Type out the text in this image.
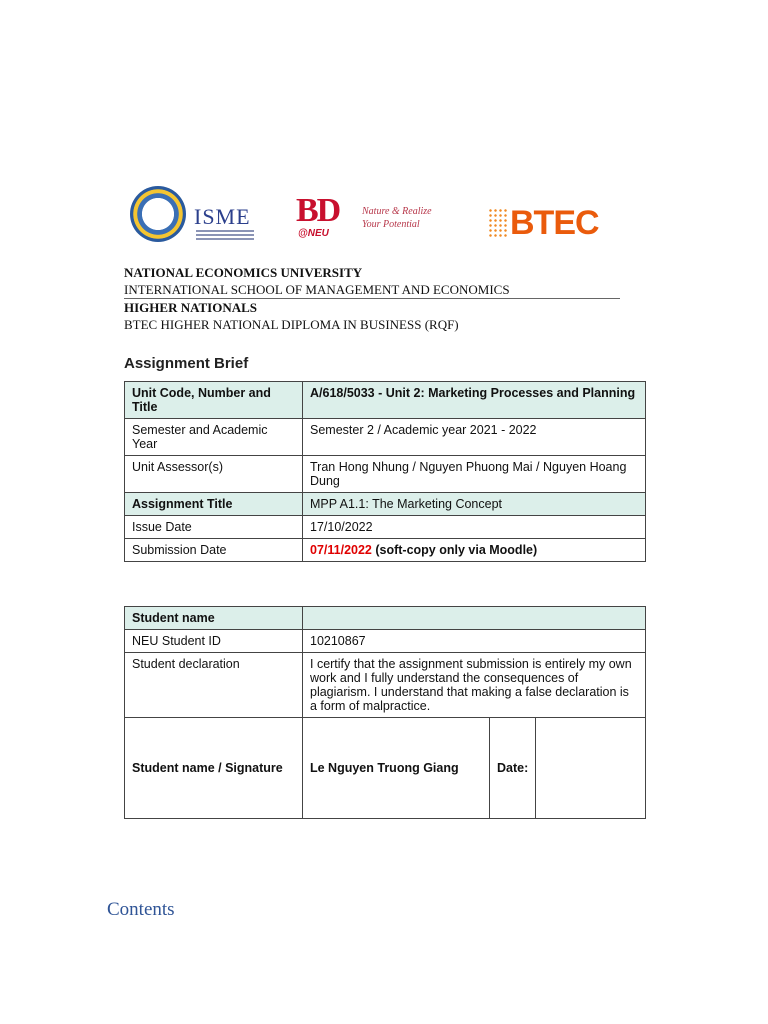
ISME BD
@NEU
Nature & Realize
Your Potential	BTEC
NATIONAL ECONOMICS UNIVERSITY
INTERNATIONAL SCHOOL OF MANAGEMENT AND ECONOMICS
HIGHER NATIONALS
BTEC HIGHER NATIONAL DIPLOMA IN BUSINESS (RQF)
Assignment Brief
Unit Code, Number and Title	A/618/5033 - Unit 2: Marketing Processes and Planning
Semester and Academic Year	Semester 2 / Academic year 2021 - 2022
Unit Assessor(s)	Tran Hong Nhung / Nguyen Phuong Mai / Nguyen Hoang Dung
Assignment Title	MPP A1.1: The Marketing Concept
Issue Date	17/10/2022
Submission Date	07/11/2022 (soft-copy only via Moodle)
Student name			
NEU Student ID	10210867		
Student declaration	I certify that the assignment submission is entirely my own work and I fully understand the consequences of plagiarism. I understand that making a false declaration is a form of malpractice.		
Student name / Signature	Le Nguyen Truong Giang	Date:	
Contents
